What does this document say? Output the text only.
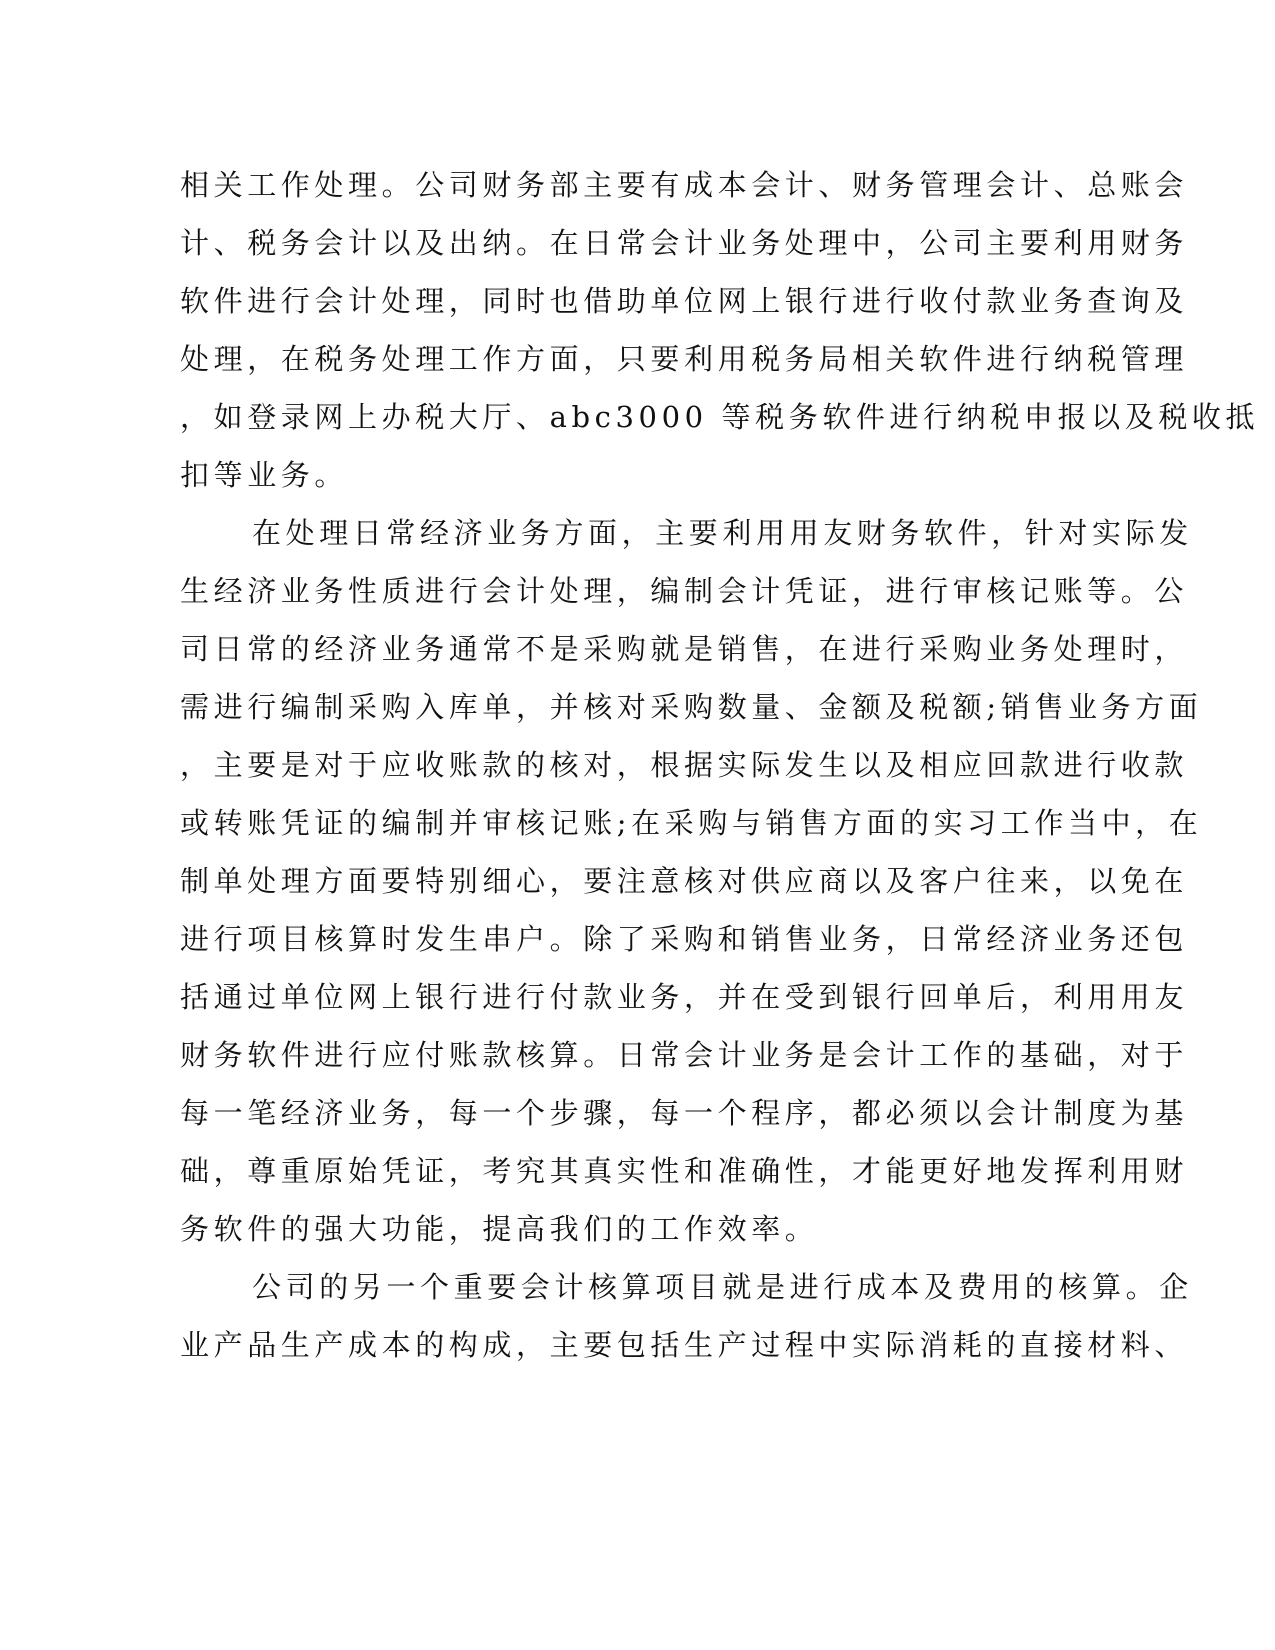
相关工作处理。公司财务部主要有成本会计、财务管理会计、总账会
计、税务会计以及出纳。在日常会计业务处理中，公司主要利用财务
软件进行会计处理，同时也借助单位网上银行进行收付款业务查询及
处理，在税务处理工作方面，只要利用税务局相关软件进行纳税管理
，如登录网上办税大厅、abc3000 等税务软件进行纳税申报以及税收抵
扣等业务。
在处理日常经济业务方面，主要利用用友财务软件，针对实际发
生经济业务性质进行会计处理，编制会计凭证，进行审核记账等。公
司日常的经济业务通常不是采购就是销售，在进行采购业务处理时，
需进行编制采购入库单，并核对采购数量、金额及税额;销售业务方面
，主要是对于应收账款的核对，根据实际发生以及相应回款进行收款
或转账凭证的编制并审核记账;在采购与销售方面的实习工作当中，在
制单处理方面要特别细心，要注意核对供应商以及客户往来，以免在
进行项目核算时发生串户。除了采购和销售业务，日常经济业务还包
括通过单位网上银行进行付款业务，并在受到银行回单后，利用用友
财务软件进行应付账款核算。日常会计业务是会计工作的基础，对于
每一笔经济业务，每一个步骤，每一个程序，都必须以会计制度为基
础，尊重原始凭证，考究其真实性和准确性，才能更好地发挥利用财
务软件的强大功能，提高我们的工作效率。
公司的另一个重要会计核算项目就是进行成本及费用的核算。企
业产品生产成本的构成，主要包括生产过程中实际消耗的直接材料、
